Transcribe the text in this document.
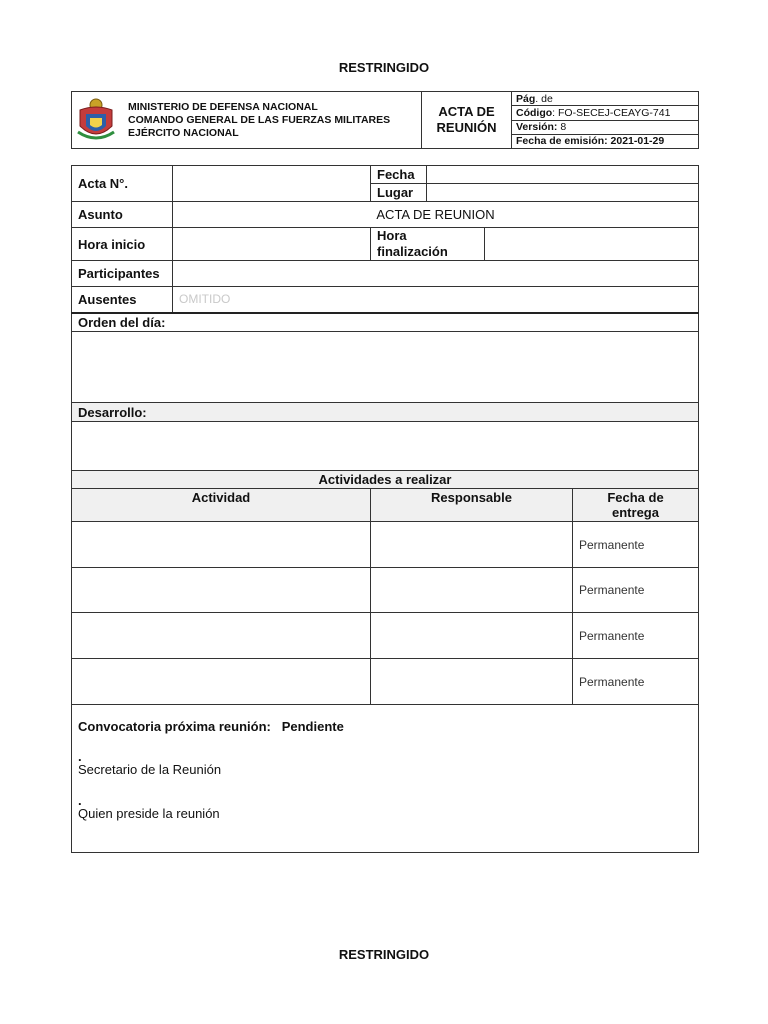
RESTRINGIDO
MINISTERIO DE DEFENSA NACIONAL
COMANDO GENERAL DE LAS FUERZAS MILITARES
EJÉRCITO NACIONAL

ACTA DE
REUNIÓN
	Pág. de
Código: FO-SECEJ-CEAYG-741
Versión: 8
Fecha de emisión: 2021-01-29
Acta N°.		Fecha			
		Lugar			
Asunto	ACTA DE REUNION				
Hora inicio		Hora
finalización			

Participantes					
Ausentes	OMITIDO				
Orden del día:					

Desarrollo:					

Actividades a realizar					
Actividad		Responsable			Fecha de
entrega

					Permanente
					Permanente
					Permanente
					Permanente

Convocatoria próxima reunión: Pendiente
.
Secretario de la Reunión
.
Quien preside la reunión					
RESTRINGIDO
